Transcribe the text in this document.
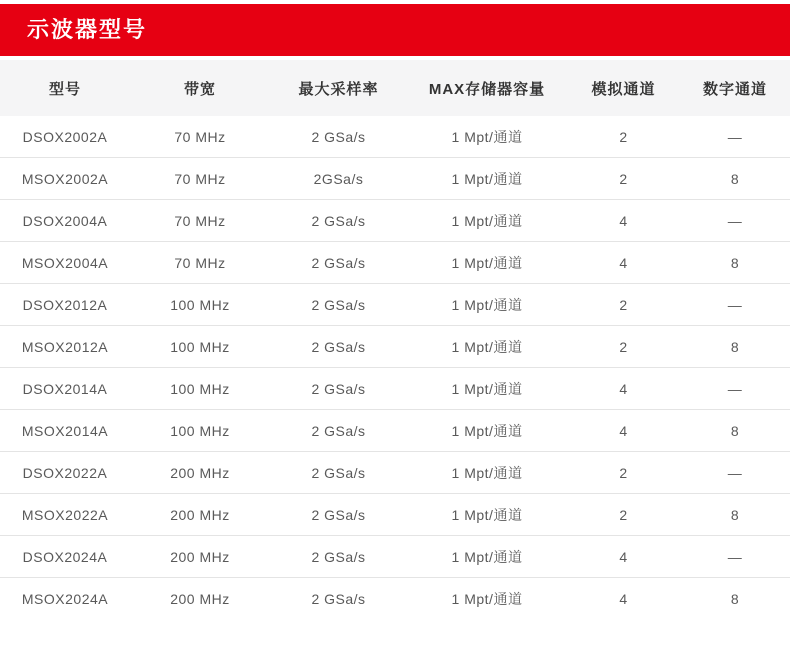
示波器型号
型号	带宽	最大采样率	MAX存储器容量	模拟通道	数字通道
DSOX2002A	70 MHz	2 GSa/s	1 Mpt/通道	2	—
MSOX2002A	70 MHz	2GSa/s	1 Mpt/通道	2	8
DSOX2004A	70 MHz	2 GSa/s	1 Mpt/通道	4	—
MSOX2004A	70 MHz	2 GSa/s	1 Mpt/通道	4	8
DSOX2012A	100 MHz	2 GSa/s	1 Mpt/通道	2	—
MSOX2012A	100 MHz	2 GSa/s	1 Mpt/通道	2	8
DSOX2014A	100 MHz	2 GSa/s	1 Mpt/通道	4	—
MSOX2014A	100 MHz	2 GSa/s	1 Mpt/通道	4	8
DSOX2022A	200 MHz	2 GSa/s	1 Mpt/通道	2	—
MSOX2022A	200 MHz	2 GSa/s	1 Mpt/通道	2	8
DSOX2024A	200 MHz	2 GSa/s	1 Mpt/通道	4	—
MSOX2024A	200 MHz	2 GSa/s	1 Mpt/通道	4	8
